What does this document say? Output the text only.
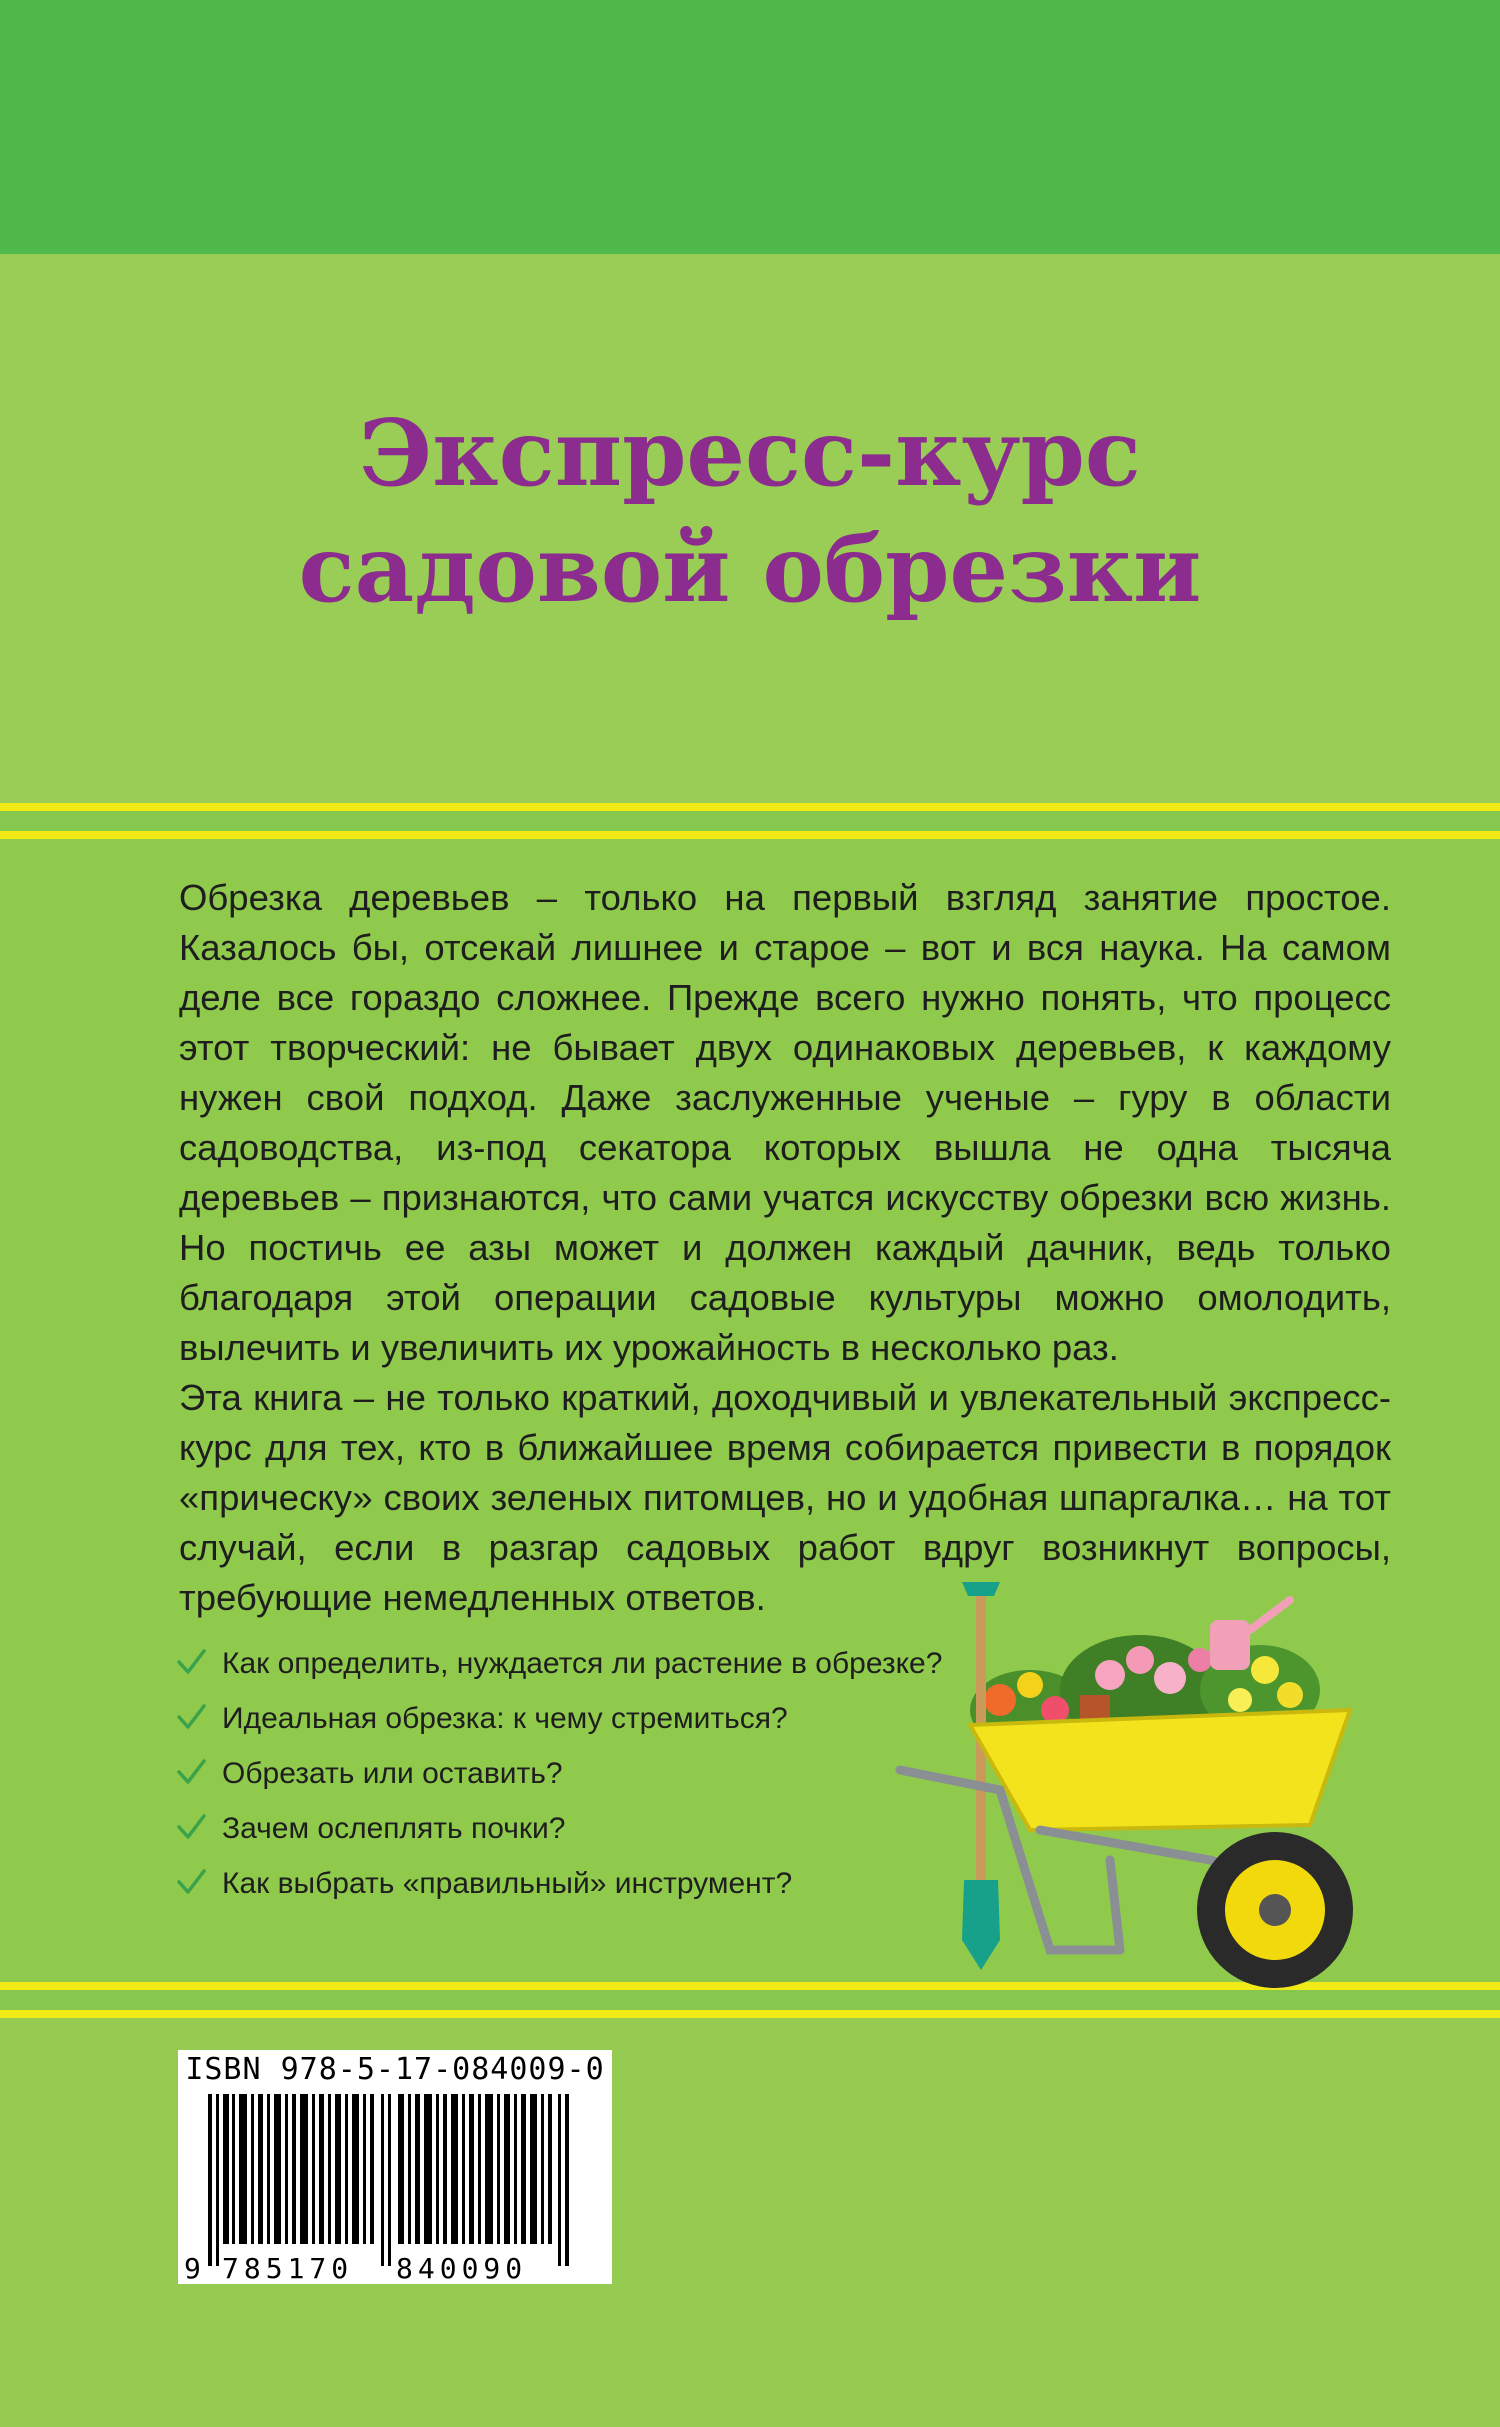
Экспресс-курс
садовой обрезки

Обрезка деревьев – только на первый взгляд занятие простое. Казалось бы, отсекай лишнее и старое – вот и вся наука. На самом деле все гораздо сложнее. Прежде всего нужно понять, что процесс этот творческий: не бывает двух одинаковых деревьев, к каждому нужен свой подход. Даже заслуженные ученые – гуру в области садоводства, из-под секатора которых вышла не одна тысяча деревьев – признаются, что сами учатся искусству обрезки всю жизнь. Но постичь ее азы может и должен каждый дачник, ведь только благодаря этой операции садовые культуры можно омолодить, вылечить и увеличить их урожайность в несколько раз.

Эта книга – не только краткий, доходчивый и увлекательный экспресс-курс для тех, кто в ближайшее время собирается привести в порядок «прическу» своих зеленых питомцев, но и удобная шпаргалка… на тот случай, если в разгар садовых работ вдруг возникнут вопросы, требующие немедленных ответов.

Как определить, нуждается ли растение в обрезке?
Идеальная обрезка: к чему стремиться?
Обрезать или оставить?
Зачем ослеплять почки?
Как выбрать «правильный» инструмент?
ISBN 978-5-17-084009-0
9 785170 840090
